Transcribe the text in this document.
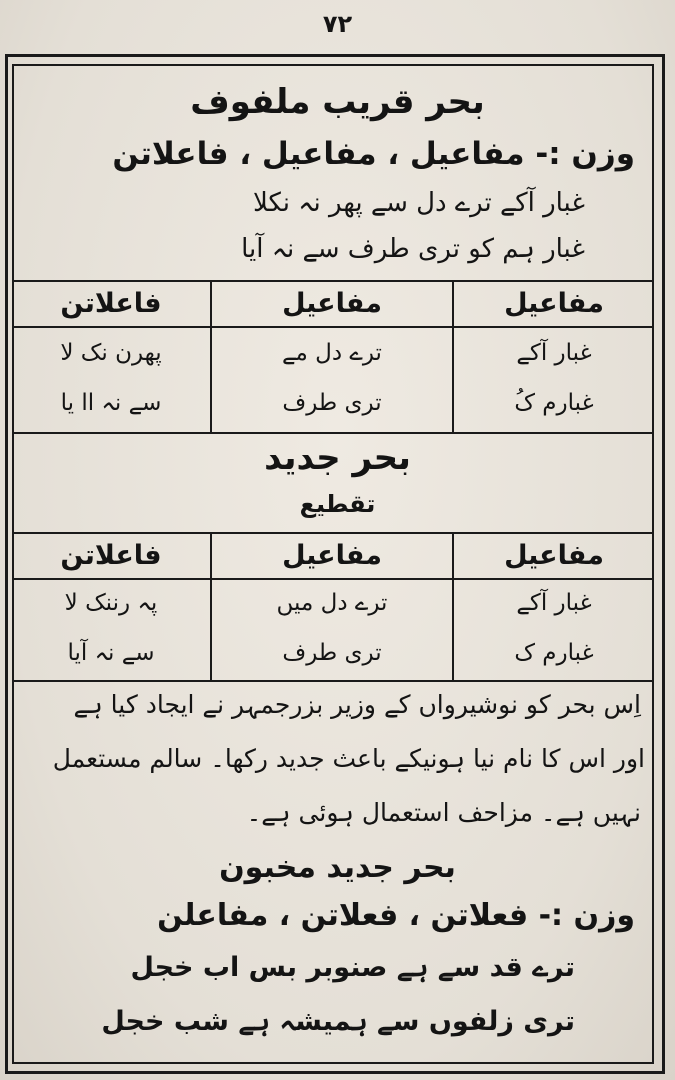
٧٢
بحر قریب ملفوف
وزن :- مفاعیل ، مفاعیل ، فاعلاتن
غبار آکے ترے دل سے پھر نہ نکلا
غبار ہم کو تری طرف سے نہ آیا
مفاعیل
مفاعیل
فاعلاتن
غبار آکے
ترے دل مے
پھرن نک لا
غبارم کُ
تری طرف
سے نہ اا یا
بحر جدید
تقطیع
مفاعیل
مفاعیل
فاعلاتن
غبار آکے
ترے دل میں
پہ رننک لا
غبارم ک
تری طرف
سے نہ آیا
اِس بحر کو نوشیرواں کے وزیر بزرجمہر نے ایجاد کیا ہے
اور اس کا نام نیا ہونیکے باعث جدید رکھا۔ سالم مستعمل
نہیں ہے۔ مزاحف استعمال ہوئی ہے۔
بحر جدید مخبون
وزن :- فعلاتن ، فعلاتن ، مفاعلن
ترے قد سے ہے صنوبر بس اب خجل
تری زلفوں سے ہمیشہ ہے شب خجل
